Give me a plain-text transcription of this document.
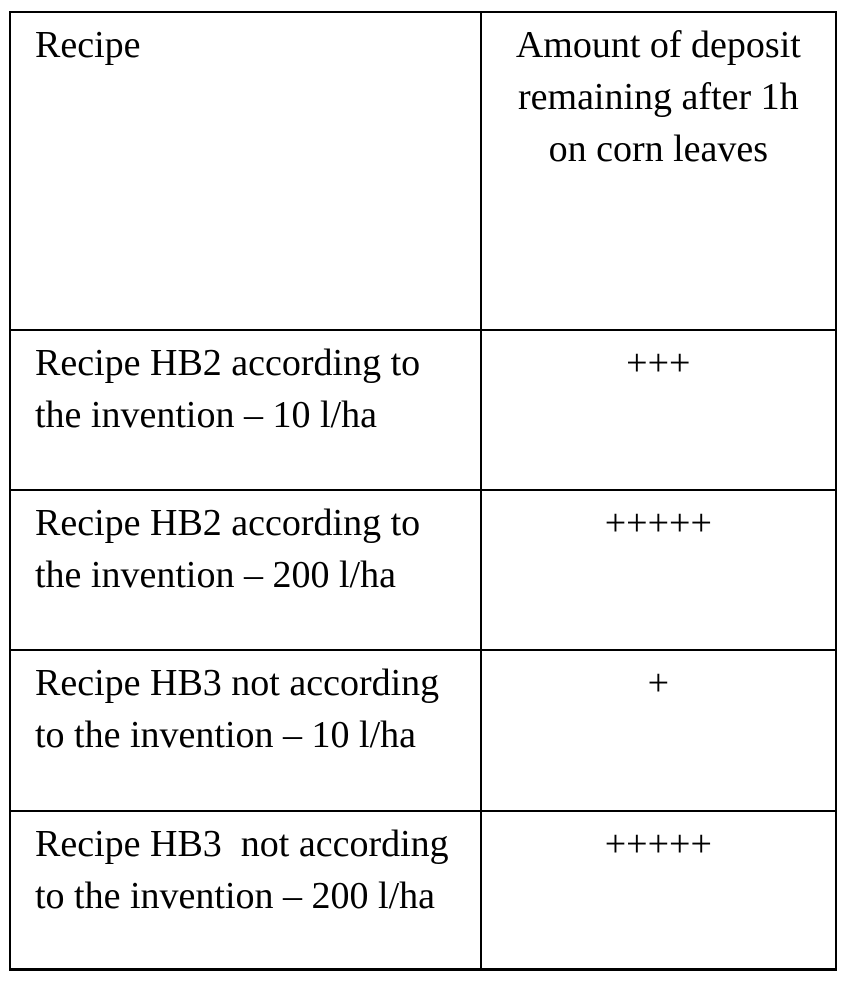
Recipe	Amount of deposit remaining after 1h on corn leaves
Recipe HB2 according to the invention – 10 l/ha	+++
Recipe HB2 according to the invention – 200 l/ha	+++++
Recipe HB3 not according to the invention – 10 l/ha	+
Recipe HB3  not according to the invention – 200 l/ha	+++++
